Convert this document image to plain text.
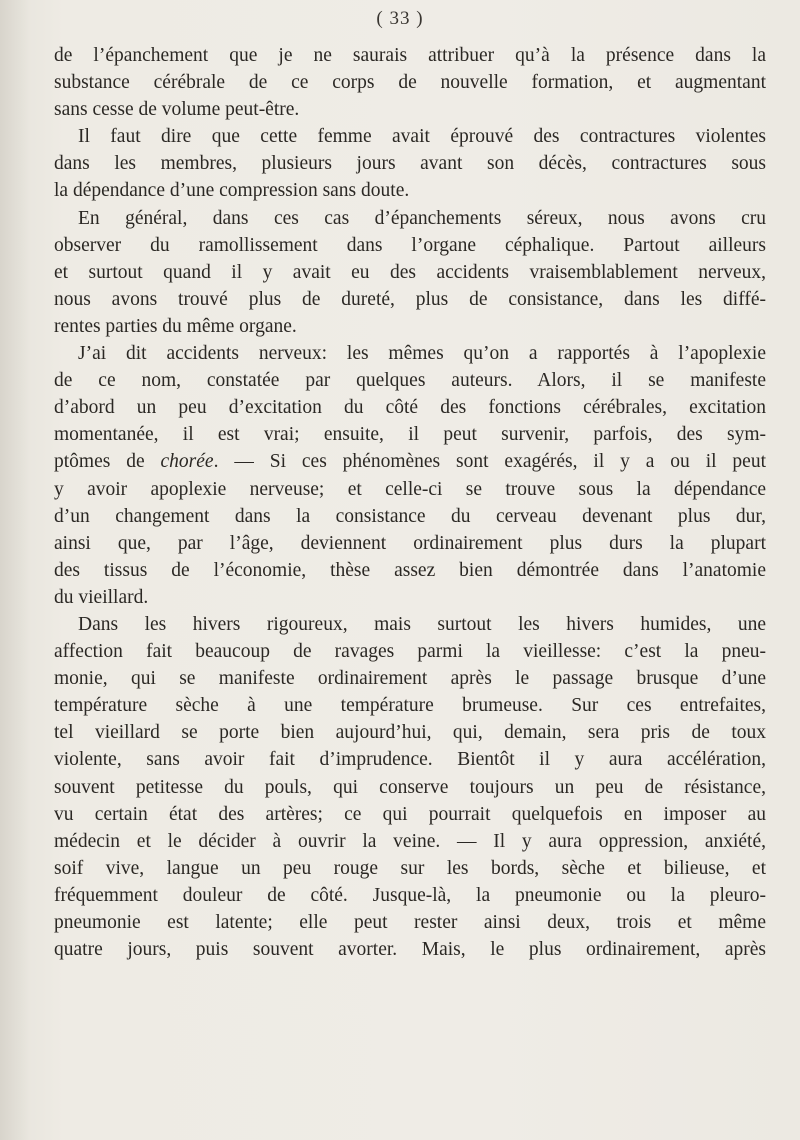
( 33 )
de l’épanchement que je ne saurais attribuer qu’à la présence dans la
substance cérébrale de ce corps de nouvelle formation, et augmentant
sans cesse de volume peut-être.
Il faut dire que cette femme avait éprouvé des contractures violentes
dans les membres, plusieurs jours avant son décès, contractures sous
la dépendance d’une compression sans doute.
En général, dans ces cas d’épanchements séreux, nous avons cru
observer du ramollissement dans l’organe céphalique. Partout ailleurs
et surtout quand il y avait eu des accidents vraisemblablement nerveux,
nous avons trouvé plus de dureté, plus de consistance, dans les diffé-
rentes parties du même organe.
J’ai dit accidents nerveux: les mêmes qu’on a rapportés à l’apoplexie
de ce nom, constatée par quelques auteurs. Alors, il se manifeste
d’abord un peu d’excitation du côté des fonctions cérébrales, excitation
momentanée, il est vrai; ensuite, il peut survenir, parfois, des sym-
ptômes de chorée. — Si ces phénomènes sont exagérés, il y a ou il peut
y avoir apoplexie nerveuse; et celle-ci se trouve sous la dépendance
d’un changement dans la consistance du cerveau devenant plus dur,
ainsi que, par l’âge, deviennent ordinairement plus durs la plupart
des tissus de l’économie, thèse assez bien démontrée dans l’anatomie
du vieillard.
Dans les hivers rigoureux, mais surtout les hivers humides, une
affection fait beaucoup de ravages parmi la vieillesse: c’est la pneu-
monie, qui se manifeste ordinairement après le passage brusque d’une
température sèche à une température brumeuse. Sur ces entrefaites,
tel vieillard se porte bien aujourd’hui, qui, demain, sera pris de toux
violente, sans avoir fait d’imprudence. Bientôt il y aura accélération,
souvent petitesse du pouls, qui conserve toujours un peu de résistance,
vu certain état des artères; ce qui pourrait quelquefois en imposer au
médecin et le décider à ouvrir la veine. — Il y aura oppression, anxiété,
soif vive, langue un peu rouge sur les bords, sèche et bilieuse, et
fréquemment douleur de côté. Jusque-là, la pneumonie ou la pleuro-
pneumonie est latente; elle peut rester ainsi deux, trois et même
quatre jours, puis souvent avorter. Mais, le plus ordinairement, après
